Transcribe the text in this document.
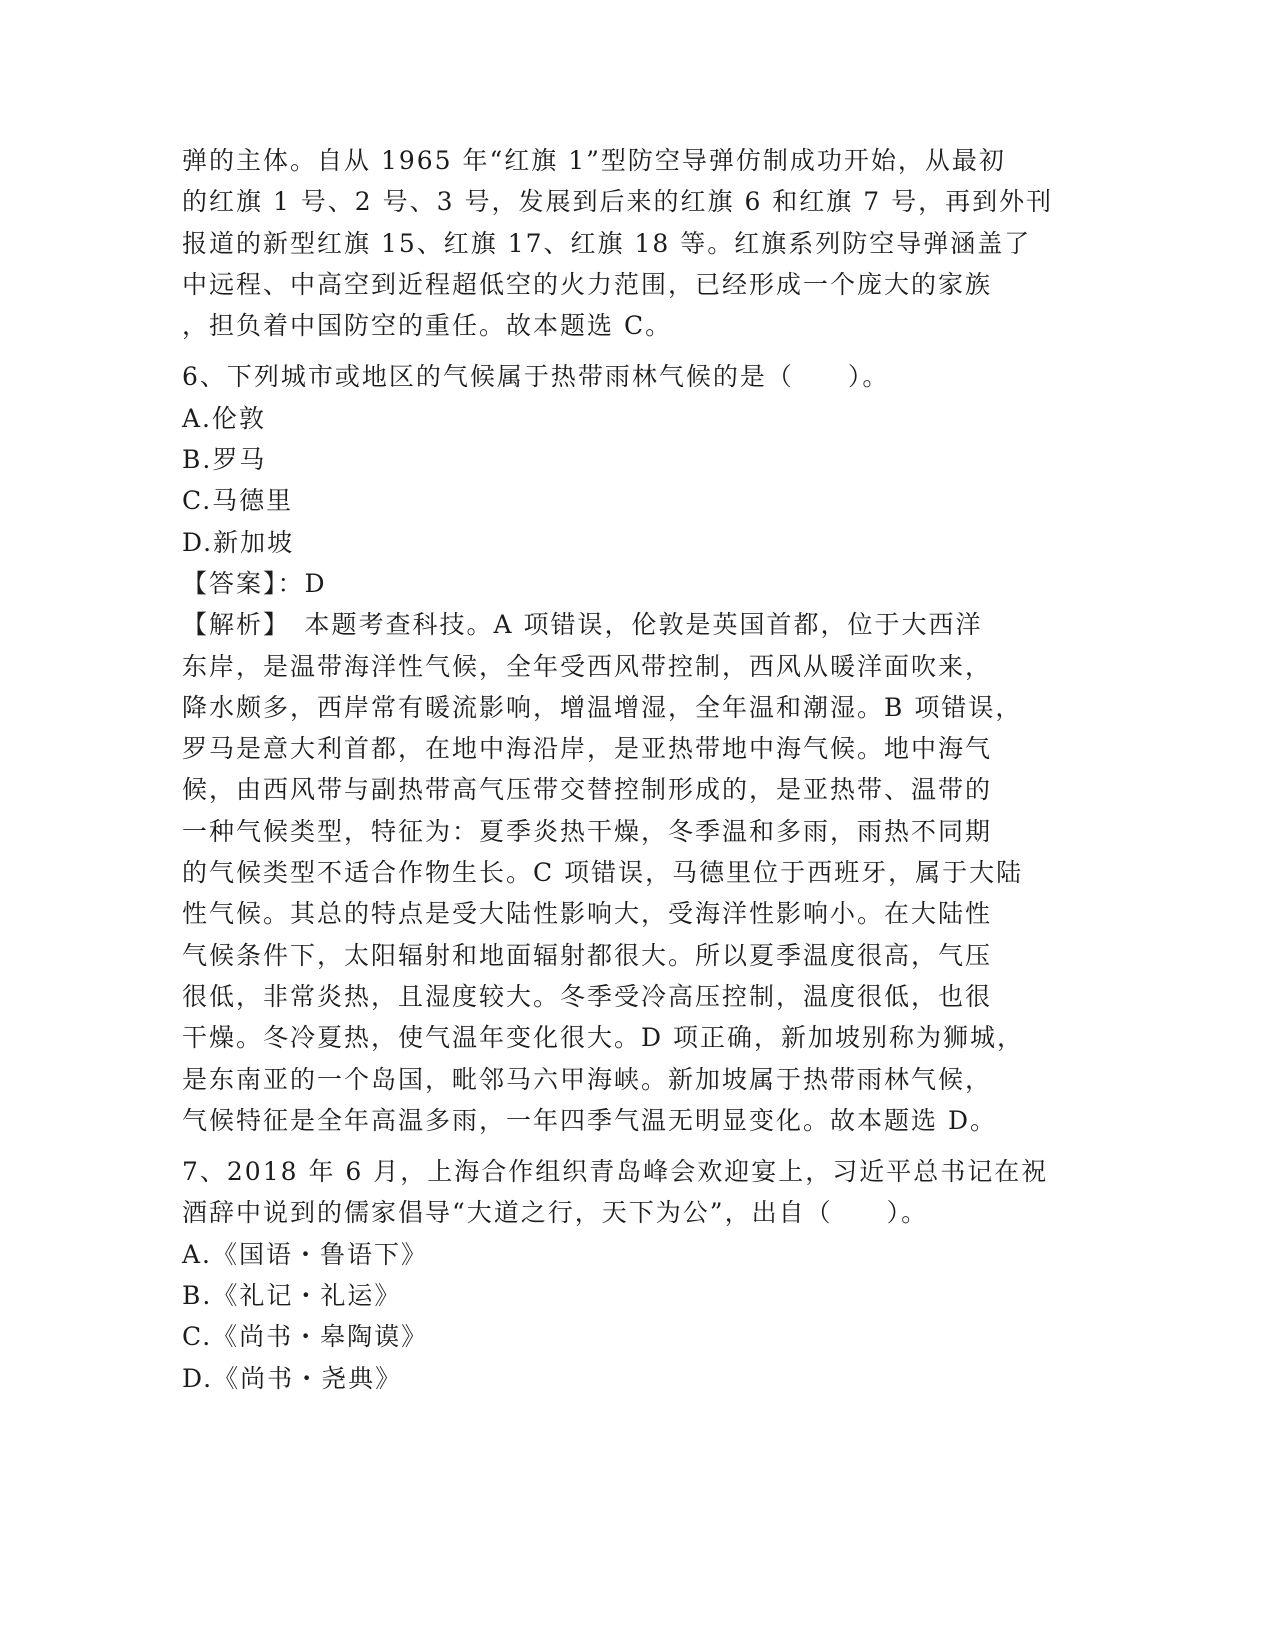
弹的主体。自从 1965 年“红旗 1”型防空导弹仿制成功开始，从最初
的红旗 1 号、2 号、3 号，发展到后来的红旗 6 和红旗 7 号，再到外刊
报道的新型红旗 15、红旗 17、红旗 18 等。红旗系列防空导弹涵盖了
中远程、中高空到近程超低空的火力范围，已经形成一个庞大的家族
，担负着中国防空的重任。故本题选 C。
6、下列城市或地区的气候属于热带雨林气候的是（　　）。
A.伦敦
B.罗马
C.马德里
D.新加坡
【答案】：D
【解析】　本题考查科技。A 项错误，伦敦是英国首都，位于大西洋
东岸，是温带海洋性气候，全年受西风带控制，西风从暖洋面吹来，
降水颇多，西岸常有暖流影响，增温增湿，全年温和潮湿。B 项错误，
罗马是意大利首都，在地中海沿岸，是亚热带地中海气候。地中海气
候，由西风带与副热带高气压带交替控制形成的，是亚热带、温带的
一种气候类型，特征为：夏季炎热干燥，冬季温和多雨，雨热不同期
的气候类型不适合作物生长。C 项错误，马德里位于西班牙，属于大陆
性气候。其总的特点是受大陆性影响大，受海洋性影响小。在大陆性
气候条件下，太阳辐射和地面辐射都很大。所以夏季温度很高，气压
很低，非常炎热，且湿度较大。冬季受冷高压控制，温度很低，也很
干燥。冬冷夏热，使气温年变化很大。D 项正确，新加坡别称为狮城，
是东南亚的一个岛国，毗邻马六甲海峡。新加坡属于热带雨林气候，
气候特征是全年高温多雨，一年四季气温无明显变化。故本题选 D。
7、2018 年 6 月，上海合作组织青岛峰会欢迎宴上，习近平总书记在祝
酒辞中说到的儒家倡导“大道之行，天下为公”，出自（　　）。
A.《国语・鲁语下》
B.《礼记・礼运》
C.《尚书・皋陶谟》
D.《尚书・尧典》
